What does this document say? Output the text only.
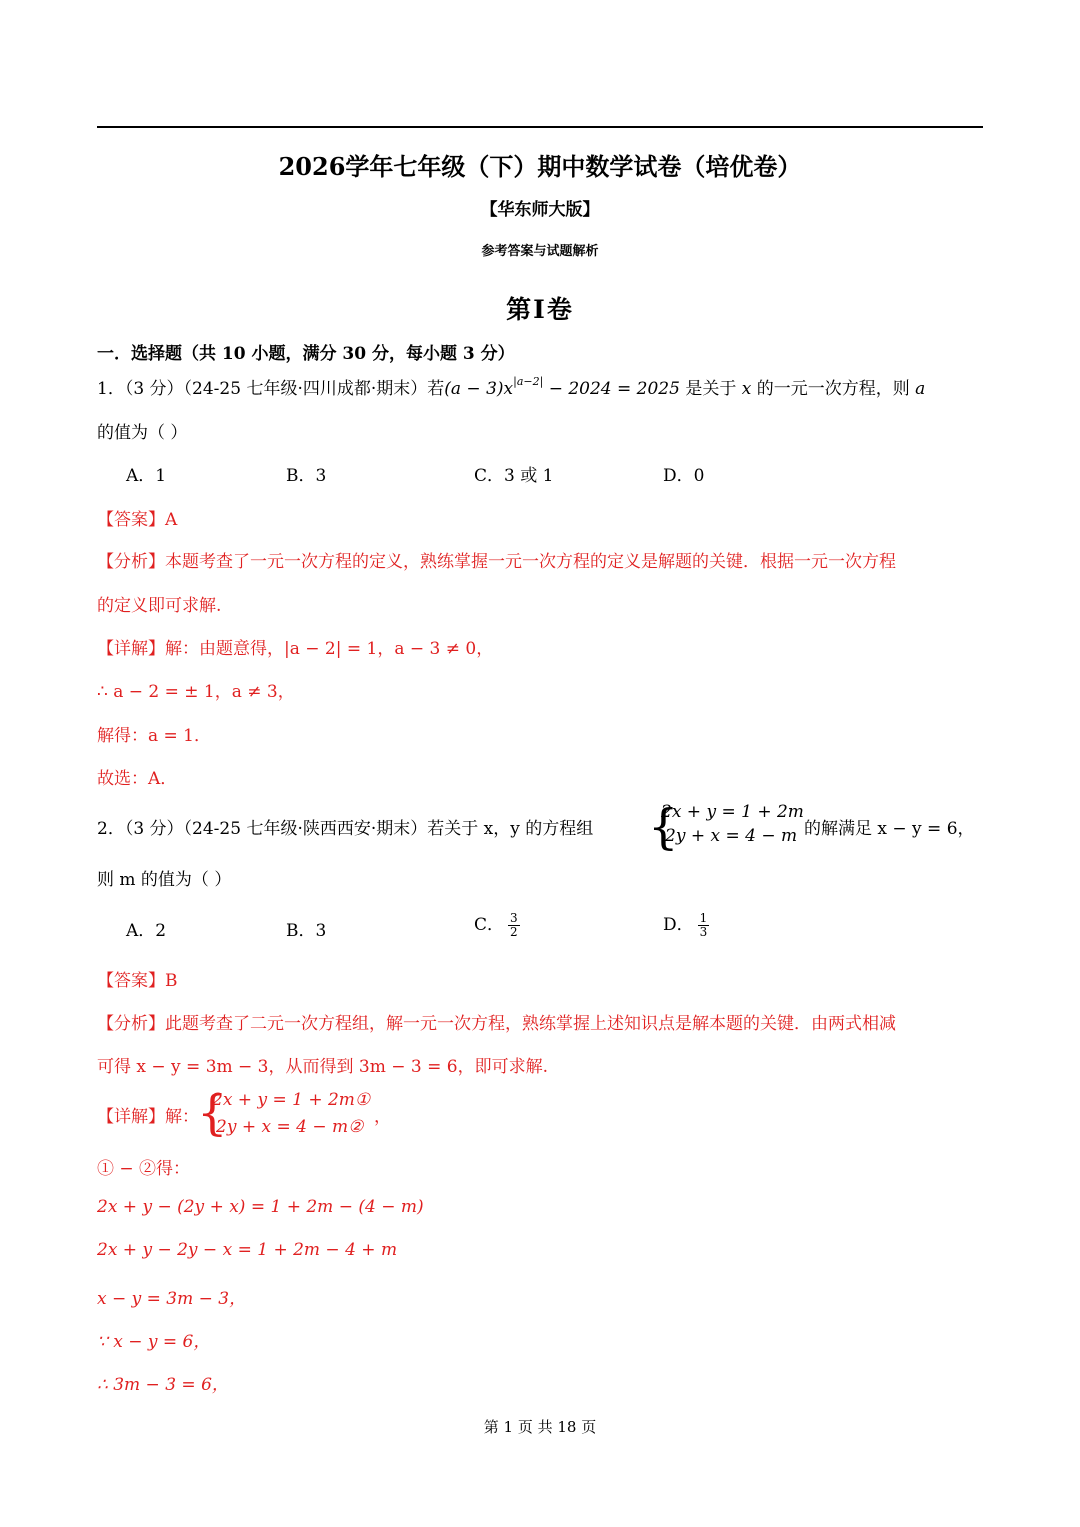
2026学年七年级（下）期中数学试卷（培优卷）
【华东师大版】
参考答案与试题解析
第Ⅰ卷
一．选择题（共 10 小题，满分 30 分，每小题 3 分）
1．（3 分）（24-25 七年级·四川成都·期末）若$(a - 3)x^{|a-2|} - 2024 = 2025$ 是关于 x 的一元一次方程，则 a
的值为（ ）
A．1	B．3	C．3 或 1	D．0
【答案】A
【分析】本题考查了一元一次方程的定义，熟练掌握一元一次方程的定义是解题的关键．根据一元一次方程
的定义即可求解.
【详解】解：由题意得，|a − 2| = 1，a − 3 ≠ 0，
∴ a − 2 = ± 1，a ≠ 3，
解得：a = 1．
故选：A．
2．（3 分）（24-25 七年级·陕西西安·期末）若关于 x，y 的方程组 {
2x + y = 1 + 2m
2y + x = 4 − m 的解满足 x − y = 6，
则 m 的值为（ ）
A．2	B．3	C． $\frac{3}{2}$	D． $\frac{1}{3}$
【答案】B
【分析】此题考查了二元一次方程组，解一元一次方程，熟练掌握上述知识点是解本题的关键．由两式相减
可得 x − y = 3m − 3，从而得到 3m − 3 = 6，即可求解.
【详解】解：
{
2x + y = 1 + 2m①
2y + x = 4 − m② ，
① − ②得：
2x + y − (2y + x) = 1 + 2m − (4 − m)
2x + y − 2y − x = 1 + 2m − 4 + m
x − y = 3m − 3，
∵ x − y = 6，
∴ 3m − 3 = 6，
第 1 页 共 18 页
